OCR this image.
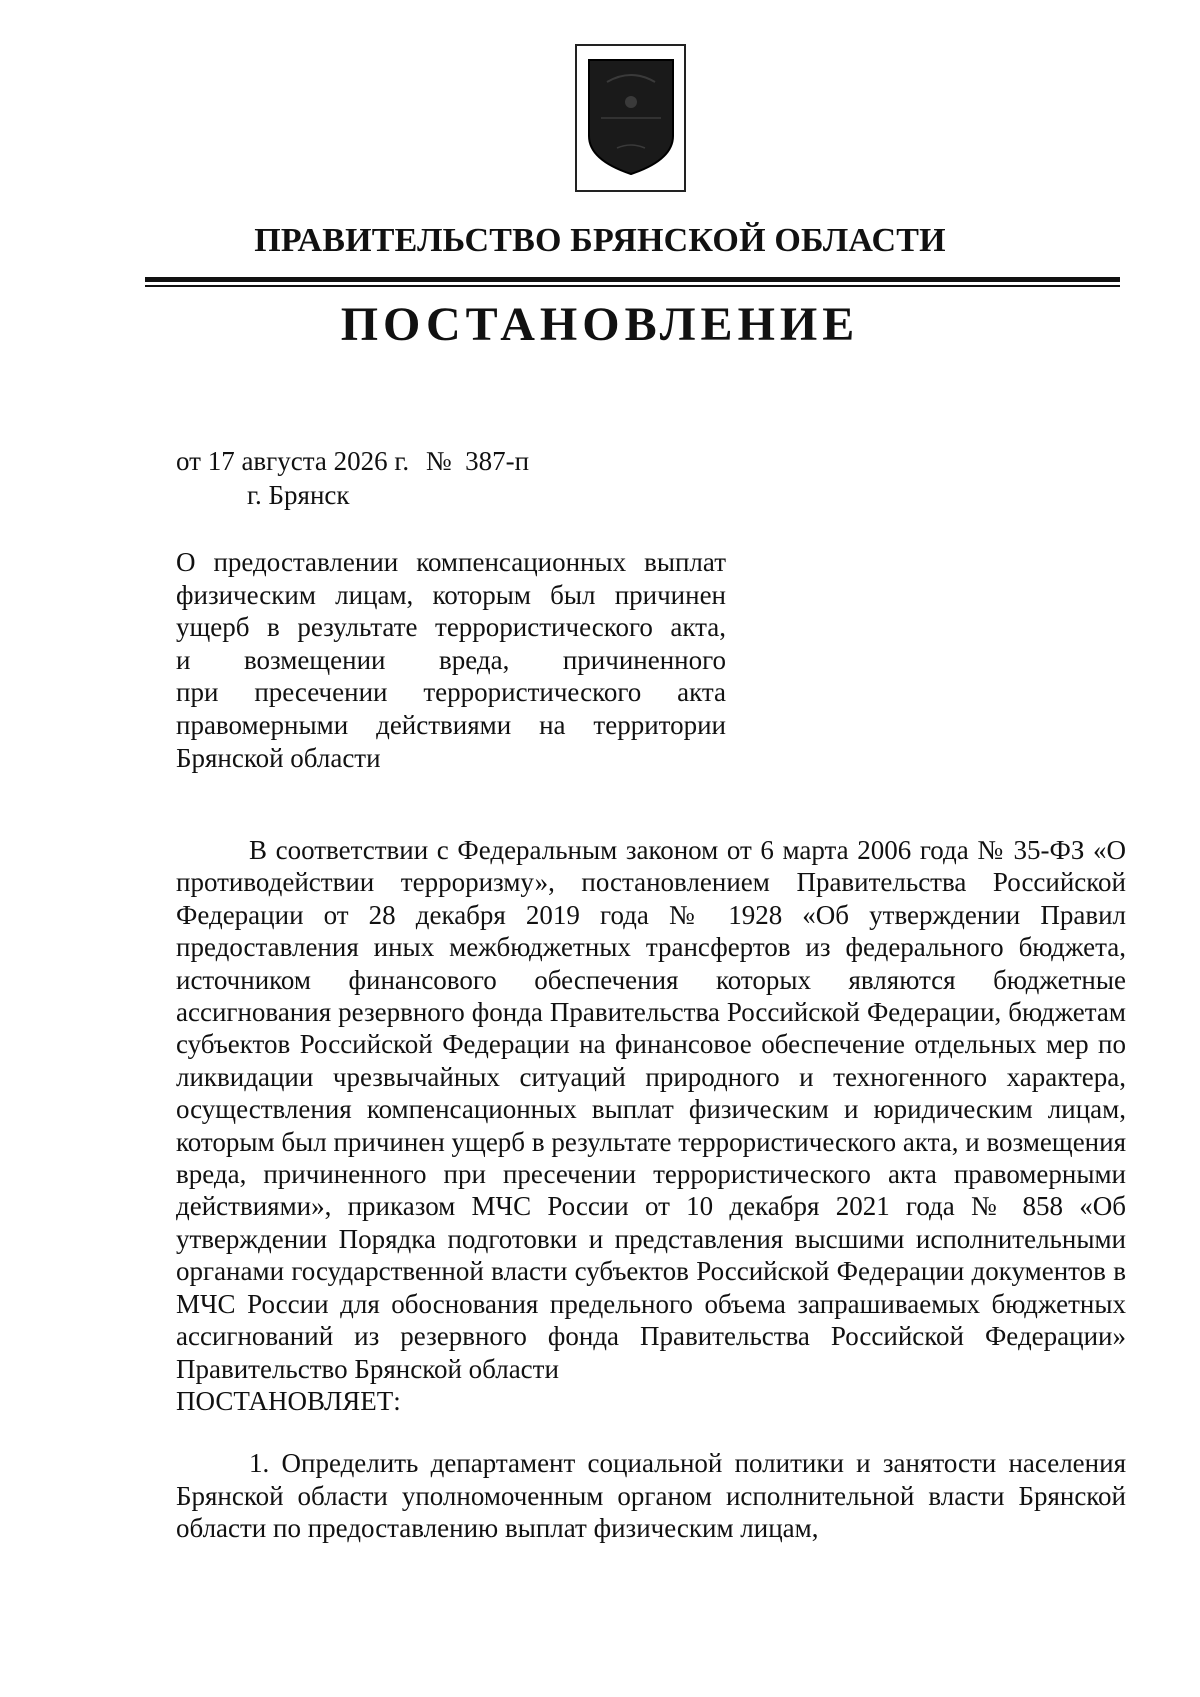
ПРАВИТЕЛЬСТВО БРЯНСКОЙ ОБЛАСТИ
ПОСТАНОВЛЕНИЕ
от 17 августа 2026 г. №  387-п
г. Брянск
О предоставлении компенсационных выплат
физическим лицам, которым был причинен
ущерб в результате террористического акта,
и возмещении вреда, причиненного
при пресечении террористического акта
правомерными действиями на территории
Брянской области

В соответствии с Федеральным законом от 6 марта 2006 года № 35-ФЗ «О противодействии терроризму», постановлением Правительства Российской Федерации от 28 декабря 2019 года № 1928 «Об утверждении Правил предоставления иных межбюджетных трансфертов из федерального бюджета, источником финансового обеспечения которых являются бюджетные ассигнования резервного фонда Правительства Российской Федерации, бюджетам субъектов Российской Федерации на финансовое обеспечение отдельных мер по ликвидации чрезвычайных ситуаций природного и техногенного характера, осуществления компенсационных выплат физическим и юридическим лицам, которым был причинен ущерб в результате террористического акта, и возмещения вреда, причиненного при пресечении террористического акта правомерными действиями», приказом МЧС России от 10 декабря 2021 года № 858 «Об утверждении Порядка подготовки и представления высшими исполнительными органами государственной власти субъектов Российской Федерации документов в МЧС России для обоснования предельного объема запрашиваемых бюджетных ассигнований из резервного фонда Правительства Российской Федерации» Правительство Брянской области

ПОСТАНОВЛЯЕТ:

1. Определить департамент социальной политики и занятости населения Брянской области уполномоченным органом исполнительной власти Брянской области по предоставлению выплат физическим лицам,
